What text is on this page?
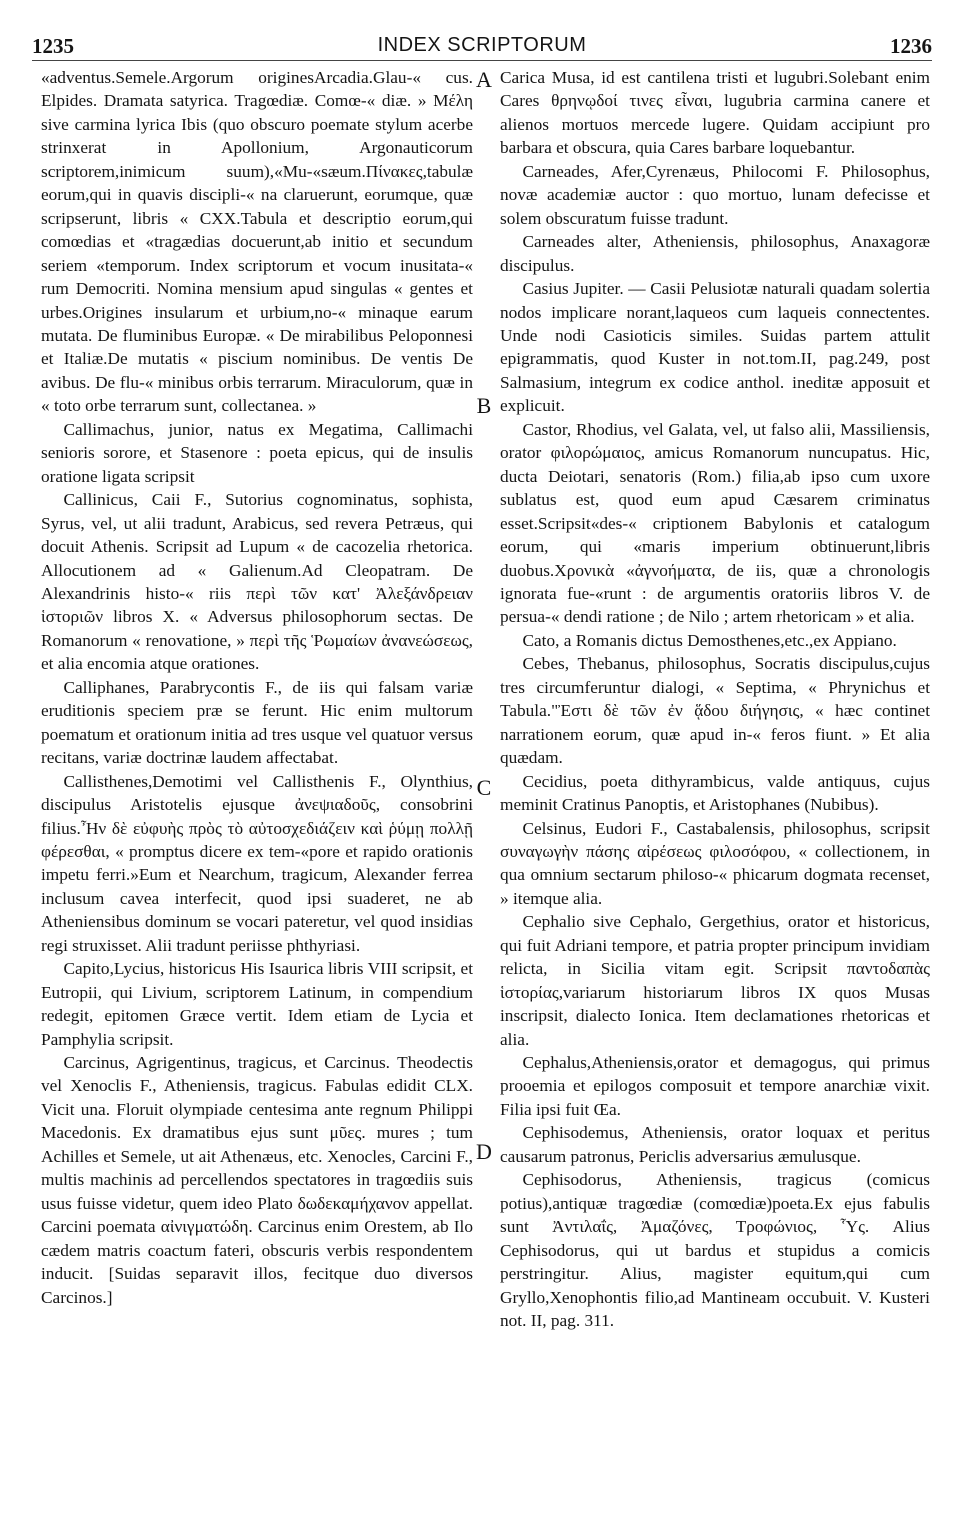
1235	INDEX SCRIPTORUM	1236

«adventus.Semele.Argorum originesArcadia.Glau-« cus. Elpides. Dramata satyrica. Tragœdiæ. Comœ-« diæ. » Μέλη sive carmina lyrica Ibis (quo obscuro poemate stylum acerbe strinxerat in Apollonium, Argonauticorum scriptorem,inimicum suum),«Mu-«sæum.Πίνακες,tabulæ eorum,qui in quavis discipli-« na claruerunt, eorumque, quæ scripserunt, libris « CXX.Tabula et descriptio eorum,qui comœdias et «tragædias docuerunt,ab initio et secundum seriem «temporum. Index scriptorum et vocum inusitata-« rum Democriti. Nomina mensium apud singulas « gentes et urbes.Origines insularum et urbium,no-« minaque earum mutata. De fluminibus Europæ. « De mirabilibus Peloponnesi et Italiæ.De mutatis « piscium nominibus. De ventis De avibus. De flu-« minibus orbis terrarum. Miraculorum, quæ in « toto orbe terrarum sunt, collectanea. »

Callimachus, junior, natus ex Megatima, Callimachi senioris sorore, et Stasenore : poeta epicus, qui de insulis oratione ligata scripsit

Callinicus, Caii F., Sutorius cognominatus, sophista, Syrus, vel, ut alii tradunt, Arabicus, sed revera Petræus, qui docuit Athenis. Scripsit ad Lupum « de cacozelia rhetorica. Allocutionem ad « Galienum.Ad Cleopatram. De Alexandrinis histo-« riis περὶ τῶν κατ' Ἀλεξάνδρειαν ἱστοριῶν libros X. « Adversus philosophorum sectas. De Romanorum « renovatione, » περὶ τῆς Ῥωμαίων ἀνανεώσεως, et alia encomia atque orationes.

Calliphanes, Parabrycontis F., de iis qui falsam variæ eruditionis speciem præ se ferunt. Hic enim multorum poematum et orationum initia ad tres usque vel quatuor versus recitans, variæ doctrinæ laudem affectabat.

Callisthenes,Demotimi vel Callisthenis F., Olynthius, discipulus Aristotelis ejusque ἀνεψιαδοῦς, consobrini filius.Ἦν δὲ εὐφυὴς πρὸς τὸ αὐτοσχεδιάζειν καὶ ῥύμῃ πολλῇ φέρεσθαι, « promptus dicere ex tem-«pore et rapido orationis impetu ferri.»Eum et Nearchum, tragicum, Alexander ferrea inclusum cavea interfecit, quod ipsi suaderet, ne ab Atheniensibus dominum se vocari pateretur, vel quod insidias regi struxisset. Alii tradunt periisse phthyriasi.

Capito,Lycius, historicus His Isaurica libris VIII scripsit, et Eutropii, qui Livium, scriptorem Latinum, in compendium redegit, epitomen Græce vertit. Idem etiam de Lycia et Pamphylia scripsit.

Carcinus, Agrigentinus, tragicus, et Carcinus. Theodectis vel Xenoclis F., Atheniensis, tragicus. Fabulas edidit CLX. Vicit una. Floruit olympiade centesima ante regnum Philippi Macedonis. Ex dramatibus ejus sunt μῦες. mures ; tum Achilles et Semele, ut ait Athenæus, etc. Xenocles, Carcini F., multis machinis ad percellendos spectatores in tragœdiis suis usus fuisse videtur, quem ideo Plato δωδεκαμήχανον appellat. Carcini poemata αἰνιγματώδη. Carcinus enim Orestem, ab Ilo cædem matris coactum fateri, obscuris verbis respondentem inducit. [Suidas separavit illos, fecitque duo diversos Carcinos.]

A
B
C
D

Carica Musa, id est cantilena tristi et lugubri.Solebant enim Cares θρηνῳδοί τινες εἶναι, lugubria carmina canere et alienos mortuos mercede lugere. Quidam accipiunt pro barbara et obscura, quia Cares barbare loquebantur.

Carneades, Afer,Cyrenæus, Philocomi F. Philosophus, novæ academiæ auctor : quo mortuo, lunam defecisse et solem obscuratum fuisse tradunt.

Carneades alter, Atheniensis, philosophus, Anaxagoræ discipulus.

Casius Jupiter. — Casii Pelusiotæ naturali quadam solertia nodos implicare norant,laqueos cum laqueis connectentes. Unde nodi Casioticis similes. Suidas partem attulit epigrammatis, quod Kuster in not.tom.II, pag.249, post Salmasium, integrum ex codice anthol. ineditæ apposuit et explicuit.

Castor, Rhodius, vel Galata, vel, ut falso alii, Massiliensis, orator φιλορώμαιος, amicus Romanorum nuncupatus. Hic, ducta Deiotari, senatoris (Rom.) filia,ab ipso cum uxore sublatus est, quod eum apud Cæsarem criminatus esset.Scripsit«des-« criptionem Babylonis et catalogum eorum, qui «maris imperium obtinuerunt,libris duobus.Χρονικὰ «ἀγνοήματα, de iis, quæ a chronologis ignorata fue-«runt : de argumentis oratoriis libros V. de persua-« dendi ratione ; de Nilo ; artem rhetoricam » et alia.

Cato, a Romanis dictus Demosthenes,etc.,ex Appiano.

Cebes, Thebanus, philosophus, Socratis discipulus,cujus tres circumferuntur dialogi, « Septima, « Phrynichus et Tabula."Ἐστι δὲ τῶν ἐν ᾅδου διήγησις, « hæc continet narrationem eorum, quæ apud in-« feros fiunt. » Et alia quædam.

Cecidius, poeta dithyrambicus, valde antiquus, cujus meminit Cratinus Panoptis, et Aristophanes (Nubibus).

Celsinus, Eudori F., Castabalensis, philosophus, scripsit συναγωγὴν πάσης αἱρέσεως φιλοσόφου, « collectionem, in qua omnium sectarum philoso-« phicarum dogmata recenset, » itemque alia.

Cephalio sive Cephalo, Gergethius, orator et historicus, qui fuit Adriani tempore, et patria propter principum invidiam relicta, in Sicilia vitam egit. Scripsit παντοδαπὰς ἱστορίας,variarum historiarum libros IX quos Musas inscripsit, dialecto Ionica. Item declamationes rhetoricas et alia.

Cephalus,Atheniensis,orator et demagogus, qui primus prooemia et epilogos composuit et tempore anarchiæ vixit. Filia ipsi fuit Œa.

Cephisodemus, Atheniensis, orator loquax et peritus causarum patronus, Periclis adversarius æmulusque.

Cephisodorus, Atheniensis, tragicus (comicus potius),antiquæ tragœdiæ (comœdiæ)poeta.Ex ejus fabulis sunt Ἀντιλαΐς, Ἀμαζόνες, Τροφώνιος, Ὗς. Alius Cephisodorus, qui ut bardus et stupidus a comicis perstringitur. Alius, magister equitum,qui cum Gryllo,Xenophontis filio,ad Mantineam occubuit. V. Kusteri not. II, pag. 311.
